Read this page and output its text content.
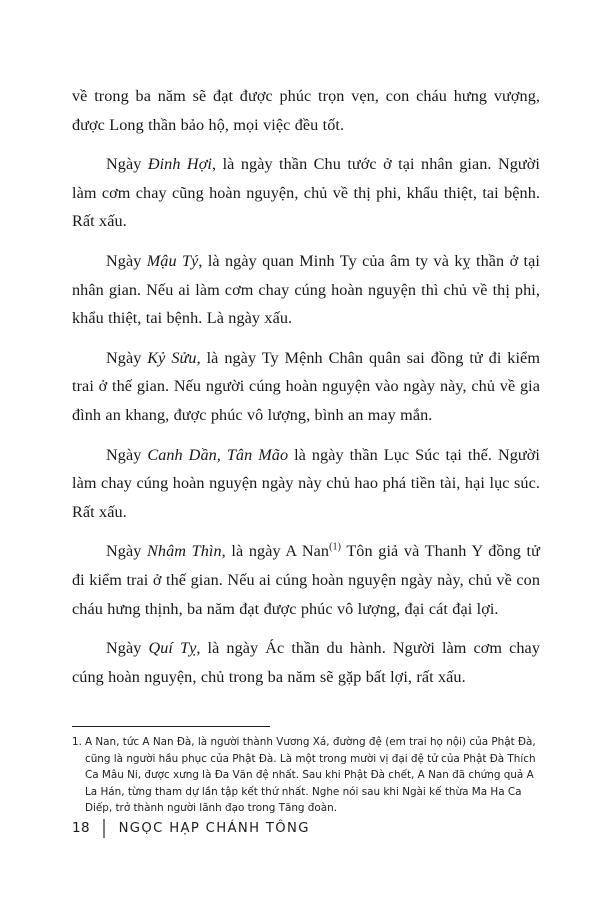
về trong ba năm sẽ đạt được phúc trọn vẹn, con cháu hưng vượng, được Long thần bảo hộ, mọi việc đều tốt.

Ngày Đinh Hợi, là ngày thần Chu tước ở tại nhân gian. Người làm cơm chay cũng hoàn nguyện, chủ về thị phi, khẩu thiệt, tai bệnh. Rất xấu.

Ngày Mậu Tý, là ngày quan Minh Ty của âm ty và kỵ thần ở tại nhân gian. Nếu ai làm cơm chay cúng hoàn nguyện thì chủ về thị phi, khẩu thiệt, tai bệnh. Là ngày xấu.

Ngày Kỷ Sửu, là ngày Ty Mệnh Chân quân sai đồng tử đi kiểm trai ở thế gian. Nếu người cúng hoàn nguyện vào ngày này, chủ về gia đình an khang, được phúc vô lượng, bình an may mắn.

Ngày Canh Dần, Tân Mão là ngày thần Lục Súc tại thế. Người làm chay cúng hoàn nguyện ngày này chủ hao phá tiền tài, hại lục súc. Rất xấu.

Ngày Nhâm Thìn, là ngày A Nan$^{(1)}$ Tôn giả và Thanh Y đồng tử đi kiểm trai ở thế gian. Nếu ai cúng hoàn nguyện ngày này, chủ về con cháu hưng thịnh, ba năm đạt được phúc vô lượng, đại cát đại lợi.

Ngày Quí Tỵ, là ngày Ác thần du hành. Người làm cơm chay cúng hoàn nguyện, chủ trong ba năm sẽ gặp bất lợi, rất xấu.

1. A Nan, tức A Nan Đà, là người thành Vương Xá, đường đệ (em trai họ nội) của Phật Đà, cũng là người hầu phục của Phật Đà. Là một trong mười vị đại đệ tử của Phật Đà Thích Ca Mâu Ni, được xưng là Đa Văn đệ nhất. Sau khi Phật Đà chết, A Nan đã chứng quả A La Hán, từng tham dự lần tập kết thứ nhất. Nghe nói sau khi Ngài kế thừa Ma Ha Ca Diếp, trở thành người lãnh đạo trong Tăng đoàn.
18 NGỌC HẠP CHÁNH TÔNG
